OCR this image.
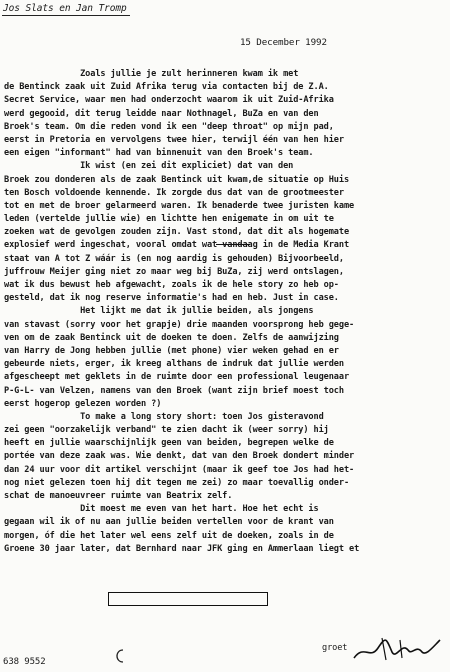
Jos Slats en Jan Tromp
15 December 1992
Zoals jullie je zult herinneren kwam ik met
de Bentinck zaak uit Zuid Afrika terug via contacten bij de Z.A.
Secret Service, waar men had onderzocht waarom ik uit Zuid-Afrika
werd gegooid, dit terug leidde naar Nothnagel, BuZa en van den
Broek's team. Om die reden vond ik een "deep throat" op mijn pad,
eerst in Pretoria en vervolgens twee hier, terwijl één van hen hier
een eigen "informant" had van binnenuit van den Broek's team.
Ik wist (en zei dit expliciet) dat van den
Broek zou donderen als de zaak Bentinck uit kwam,de situatie op Huis
ten Bosch voldoende kennende. Ik zorgde dus dat van de grootmeester
tot en met de broer gelarmeerd waren. Ik benaderde twee juristen kame
leden (vertelde jullie wie) en lichtte hen enigemate in om uit te
zoeken wat de gevolgen zouden zijn. Vast stond, dat dit als hogemate
explosief werd ingeschat, vooral omdat wat vandaag in de Media Krant
staat van A tot Z wáár is (en nog aardig is gehouden) Bijvoorbeeld,
juffrouw Meijer ging niet zo maar weg bij BuZa, zij werd ontslagen,
wat ik dus bewust heb afgewacht, zoals ik de hele story zo heb op-
gesteld, dat ik nog reserve informatie's had en heb. Just in case.
Het lijkt me dat ik jullie beiden, als jongens
van stavast (sorry voor het grapje) drie maanden voorsprong heb gege-
ven om de zaak Bentinck uit de doeken te doen. Zelfs de aanwijzing
van Harry de Jong hebben jullie (met phone) vier weken gehad en er
gebeurde niets, erger, ik kreeg althans de indruk dat jullie werden
afgescheept met geklets in de ruimte door een professional leugenaar
P-G-L- van Velzen, namens van den Broek (want zijn brief moest toch
eerst hogerop gelezen worden ?)
To make a long story short: toen Jos gisteravond
zei geen "oorzakelijk verband" te zien dacht ik (weer sorry) hij
heeft en jullie waarschijnlijk geen van beiden, begrepen welke de
portée van deze zaak was. Wie denkt, dat van den Broek dondert minder
dan 24 uur voor dit artikel verschijnt (maar ik geef toe Jos had het-
nog niet gelezen toen hij dit tegen me zei) zo maar toevallig onder-
schat de manoeuvreer ruimte van Beatrix zelf.
Dit moest me even van het hart. Hoe het echt is
gegaan wil ik of nu aan jullie beiden vertellen voor de krant van
morgen, óf die het later wel eens zelf uit de doeken, zoals in de
Groene 30 jaar later, dat Bernhard naar JFK ging en Ammerlaan liegt et
groet
638 9552
